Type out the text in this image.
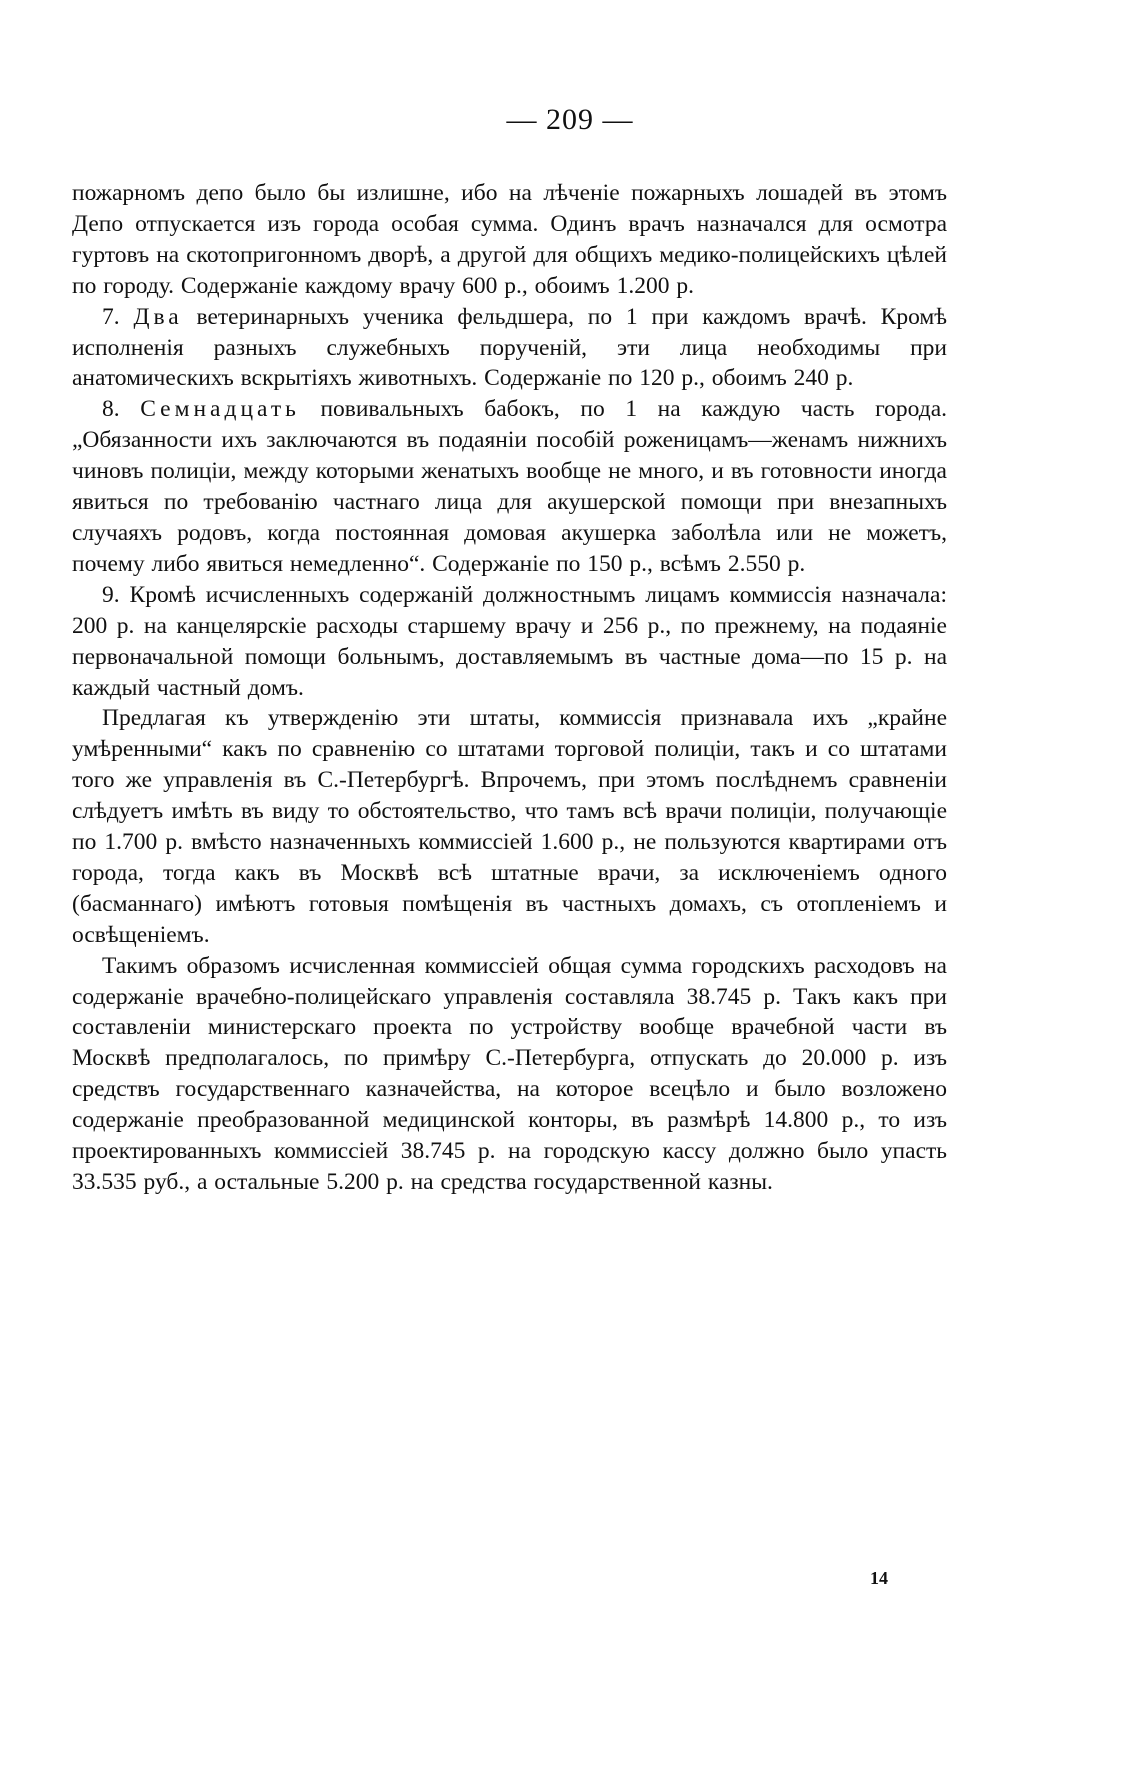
— 209 —

пожарномъ депо было бы излишне, ибо на лѣченіе пожарныхъ лошадей въ этомъ Депо отпускается изъ города особая сумма. Одинъ врачъ назначался для осмотра гуртовъ на скотопригонномъ дворѣ, а другой для общихъ медико-полицейскихъ цѣлей по городу. Содержаніе каждому врачу 600 р., обоимъ 1.200 р.

7. Два ветеринарныхъ ученика фельдшера, по 1 при каждомъ врачѣ. Кромѣ исполненія разныхъ служебныхъ порученій, эти лица необходимы при анатомическихъ вскрытіяхъ животныхъ. Содержаніе по 120 р., обоимъ 240 р.

8. Семнадцать повивальныхъ бабокъ, по 1 на каждую часть города. „Обязанности ихъ заключаются въ подаяніи пособій роженицамъ—женамъ нижнихъ чиновъ полиціи, между которыми женатыхъ вообще не много, и въ готовности иногда явиться по требованію частнаго лица для акушерской помощи при внезапныхъ случаяхъ родовъ, когда постоянная домовая акушерка заболѣла или не можетъ, почему либо явиться немедленно“. Содержаніе по 150 р., всѣмъ 2.550 р.

9. Кромѣ исчисленныхъ содержаній должностнымъ лицамъ коммиссія назначала: 200 р. на канцелярскіе расходы старшему врачу и 256 р., по прежнему, на подаяніе первоначальной помощи больнымъ, доставляемымъ въ частные дома—по 15 р. на каждый частный домъ.

Предлагая къ утвержденію эти штаты, коммиссія признавала ихъ „крайне умѣренными“ какъ по сравненію со штатами торговой полиціи, такъ и со штатами того же управленія въ С.-Петербургѣ. Впрочемъ, при этомъ послѣднемъ сравненіи слѣдуетъ имѣть въ виду то обстоятельство, что тамъ всѣ врачи полиціи, получающіе по 1.700 р. вмѣсто назначенныхъ коммиссіей 1.600 р., не пользуются квартирами отъ города, тогда какъ въ Москвѣ всѣ штатные врачи, за исключеніемъ одного (басманнаго) имѣютъ готовыя помѣщенія въ частныхъ домахъ, съ отопленіемъ и освѣщеніемъ.

Такимъ образомъ исчисленная коммиссіей общая сумма городскихъ расходовъ на содержаніе врачебно-полицейскаго управленія составляла 38.745 р. Такъ какъ при составленіи министерскаго проекта по устройству вообще врачебной части въ Москвѣ предполагалось, по примѣру С.-Петербурга, отпускать до 20.000 р. изъ средствъ государственнаго казначейства, на которое всецѣло и было возложено содержаніе преобразованной медицинской конторы, въ размѣрѣ 14.800 р., то изъ проектированныхъ коммиссіей 38.745 р. на городскую кассу должно было упасть 33.535 руб., а остальные 5.200 р. на средства государственной казны.

14
